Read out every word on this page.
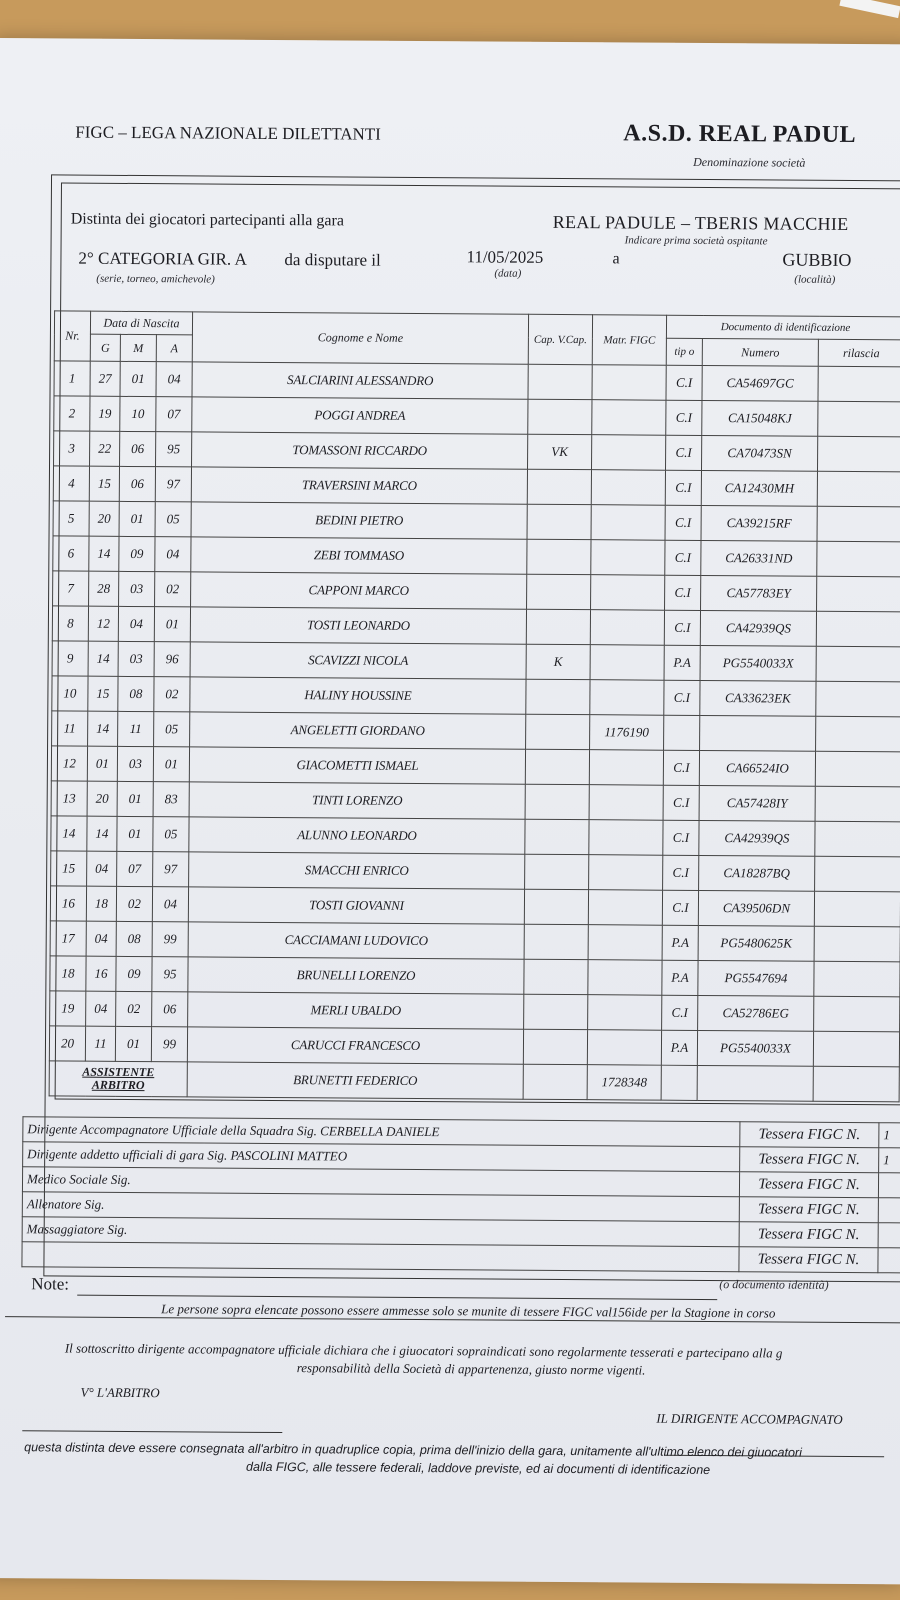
FIGC – LEGA NAZIONALE DILETTANTI	A.S.D. REAL PADUL
Denominazione società
Distinta dei giocatori partecipanti alla gara	REAL PADULE – TBERIS MACCHIE
Indicare prima società ospitante
2° CATEGORIA GIR. A da disputare il	11/05/2025	a	GUBBIO
(serie, torneo, amichevole)	(data)
(località)
Nr.	Data di Nascita			Cognome e Nome	Cap. V.Cap.	Matr. FIGC	Documento di identificazione		
	G	M	A				tip o	Numero	rilascia
1	27	01	04	SALCIARINI ALESSANDRO			C.I	CA54697GC	
2	19	10	07	POGGI ANDREA			C.I	CA15048KJ	
3	22	06	95	TOMASSONI RICCARDO	VK		C.I	CA70473SN	
4	15	06	97	TRAVERSINI MARCO			C.I	CA12430MH	
5	20	01	05	BEDINI PIETRO			C.I	CA39215RF	
6	14	09	04	ZEBI TOMMASO			C.I	CA26331ND	
7	28	03	02	CAPPONI MARCO			C.I	CA57783EY	
8	12	04	01	TOSTI LEONARDO			C.I	CA42939QS	
9	14	03	96	SCAVIZZI NICOLA	K		P.A	PG5540033X	
10	15	08	02	HALINY HOUSSINE			C.I	CA33623EK	
11	14	11	05	ANGELETTI GIORDANO		1176190			
12	01	03	01	GIACOMETTI ISMAEL			C.I	CA66524IO	
13	20	01	83	TINTI LORENZO			C.I	CA57428IY	
14	14	01	05	ALUNNO LEONARDO			C.I	CA42939QS	
15	04	07	97	SMACCHI ENRICO			C.I	CA18287BQ	
16	18	02	04	TOSTI GIOVANNI			C.I	CA39506DN	
17	04	08	99	CACCIAMANI LUDOVICO			P.A	PG5480625K	
18	16	09	95	BRUNELLI LORENZO			P.A	PG5547694	
19	04	02	06	MERLI UBALDO			C.I	CA52786EG	
20	11	01	99	CARUCCI FRANCESCO			P.A	PG5540033X	

ASSISTENTE
ARBITRO				BRUNETTI FEDERICO		1728348			
Dirigente Accompagnatore Ufficiale della Squadra Sig. CERBELLA DANIELE	Tessera FIGC N.	1
Dirigente addetto ufficiali di gara Sig. PASCOLINI MATTEO	Tessera FIGC N.	1
Medico Sociale Sig.	Tessera FIGC N.	
Allenatore Sig.	Tessera FIGC N.	
Massaggiatore Sig.	Tessera FIGC N.	
	Tessera FIGC N.	
Note:	(o documento identità)
Le persone sopra elencate possono essere ammesse solo se munite di tessere FIGC val156ide per la Stagione in corso
Il sottoscritto dirigente accompagnatore ufficiale dichiara che i giuocatori sopraindicati sono regolarmente tesserati e partecipano alla g
responsabilità della Società di appartenenza, giusto norme vigenti.
V° L'ARBITRO
IL DIRIGENTE ACCOMPAGNATO
questa distinta deve essere consegnata all'arbitro in quadruplice copia, prima dell'inizio della gara, unitamente all'ultimo elenco dei giuocatori
dalla FIGC, alle tessere federali, laddove previste, ed ai documenti di identificazione
